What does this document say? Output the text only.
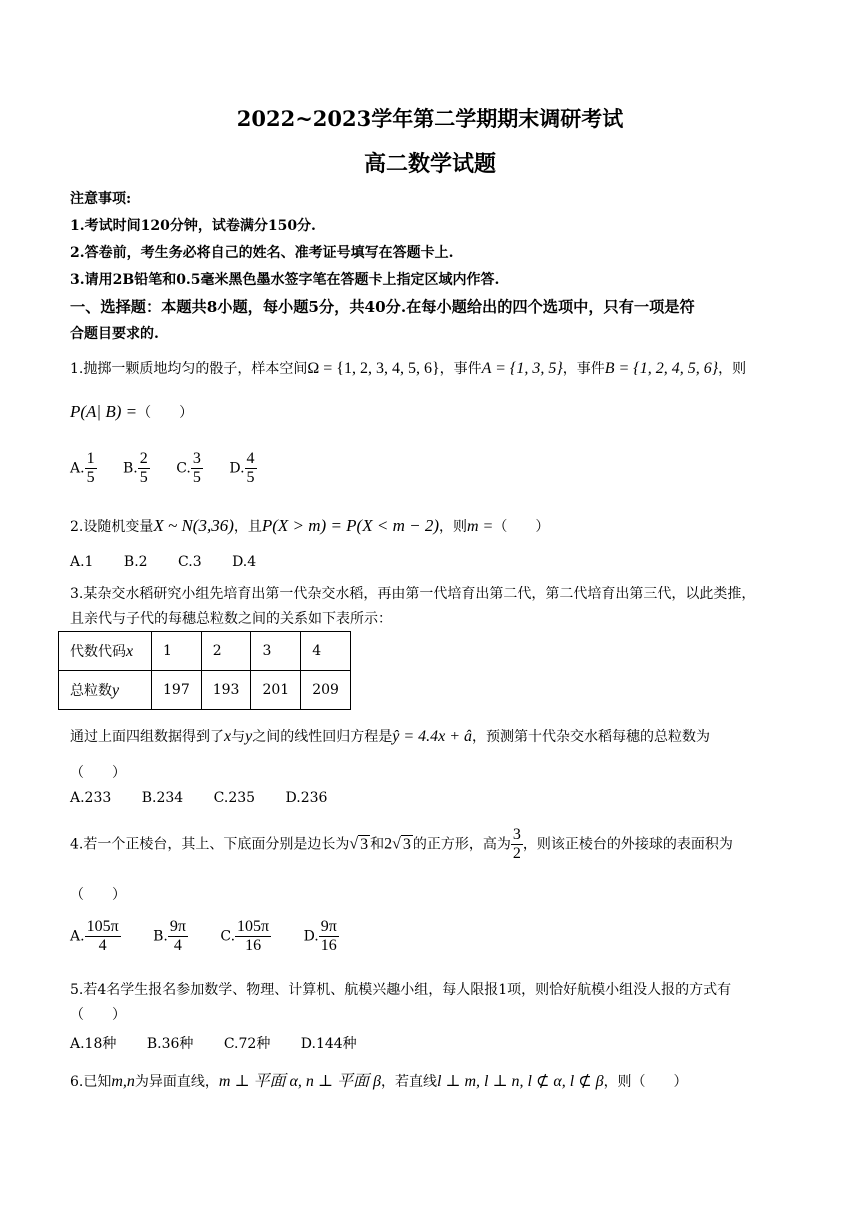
2022~2023学年第二学期期末调研考试
高二数学试题
注意事项:
1.考试时间120分钟，试卷满分150分.
2.答卷前，考生务必将自己的姓名、准考证号填写在答题卡上.
3.请用2B铅笔和0.5毫米黑色墨水签字笔在答题卡上指定区域内作答.
一、选择题：本题共8小题，每小题5分，共40分.在每小题给出的四个选项中，只有一项是符
合题目要求的.
1.抛掷一颗质地均匀的骰子，样本空间Ω = {1, 2, 3, 4, 5, 6}，事件A = {1, 3, 5}，事件B = {1, 2, 4, 5, 6}，则
P(A| B) =（　　）
A. $\frac{1}{5} B$. $\frac{2}{5} C$. $\frac{3}{5} D$. $\frac{4}{5}$
2.设随机变量X ~ N(3,36)，且P(X > m) = P(X < m − 2)，则m =（　　）
A.1 B.2 C.3 D.4
3.某杂交水稻研究小组先培育出第一代杂交水稻，再由第一代培育出第二代，第二代培育出第三代，以此类推，
且亲代与子代的每穗总粒数之间的关系如下表所示：
代数代码x	1	2	3	4
总粒数y	197	193	201	209
通过上面四组数据得到了x与y之间的线性回归方程是ŷ = 4.4x + â，预测第十代杂交水稻每穗的总粒数为
（　　）
A.233 B.234 C.235 D.236
4.若一个正棱台，其上、下底面分别是边长为√ 3 和2√ 3 的正方形，高为 $\frac{3}{2}$ ，则该正棱台的外接球的表面积为
（　　）
A. $\frac{105\pi}{4} B$. $\frac{9\pi}{4} C$. $\frac{105\pi}{16} D$. $\frac{9\pi}{16}$
5.若4名学生报名参加数学、物理、计算机、航模兴趣小组，每人限报1项，则恰好航模小组没人报的方式有
（　　）
A.18种 B.36种 C.72种 D.144种
6.已知m,n为异面直线，m ⊥ 平面 α, n ⊥ 平面 β，若直线l ⊥ m, l ⊥ n, l ⊄ α, l ⊄ β，则（　　）
